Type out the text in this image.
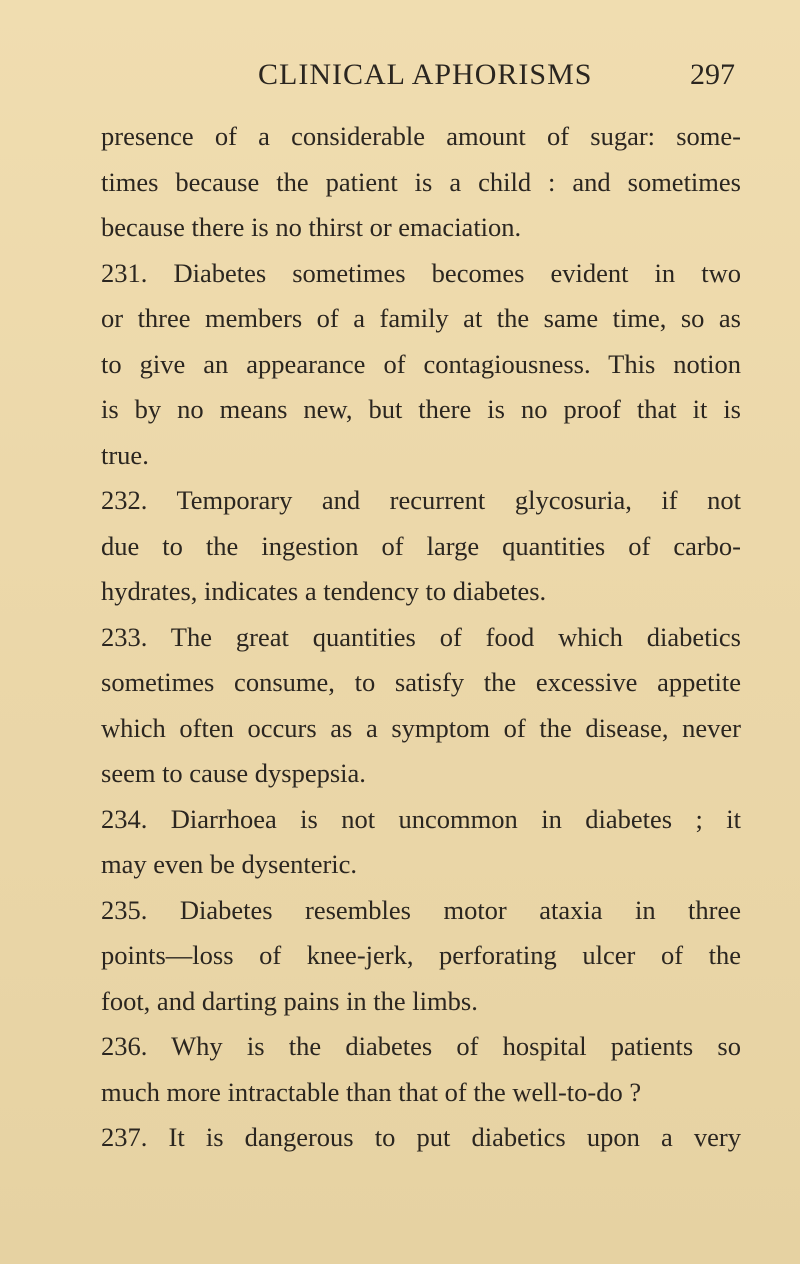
CLINICAL APHORISMS	297
presence of a considerable amount of sugar: some-
times because the patient is a child : and sometimes
because there is no thirst or emaciation.
231. Diabetes sometimes becomes evident in two
or three members of a family at the same time, so as
to give an appearance of contagiousness. This notion
is by no means new, but there is no proof that it is
true.
232. Temporary and recurrent glycosuria, if not
due to the ingestion of large quantities of carbo-
hydrates, indicates a tendency to diabetes.
233. The great quantities of food which diabetics
sometimes consume, to satisfy the excessive appetite
which often occurs as a symptom of the disease, never
seem to cause dyspepsia.
234. Diarrhoea is not uncommon in diabetes ; it
may even be dysenteric.
235. Diabetes resembles motor ataxia in three
points—loss of knee-jerk, perforating ulcer of the
foot, and darting pains in the limbs.
236. Why is the diabetes of hospital patients so
much more intractable than that of the well-to-do ?
237. It is dangerous to put diabetics upon a very
